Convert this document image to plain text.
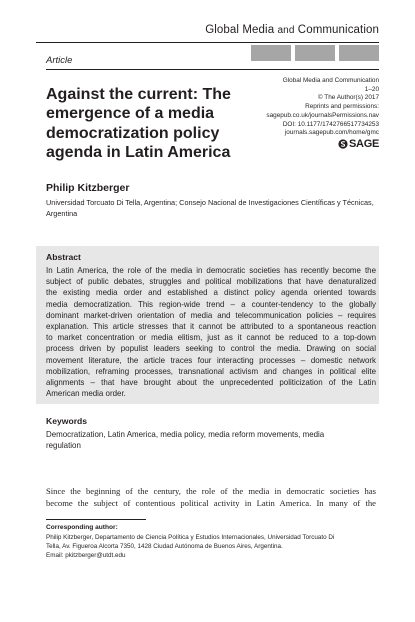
Global Media and Communication
Article
Against the current: The
emergence of a media
democratization policy
agenda in Latin America
Global Media and Communication
1–20
© The Author(s) 2017
Reprints and permissions:
sagepub.co.uk/journalsPermissions.nav
DOI: 10.1177/1742766517734253
journals.sagepub.com/home/gmc
SAGE
Philip Kitzberger
Universidad Torcuato Di Tella, Argentina; Consejo Nacional de Investigaciones Científicas y Técnicas,
Argentina
Abstract
In Latin America, the role of the media in democratic societies has recently become the
subject of public debates, struggles and political mobilizations that have denaturalized
the existing media order and established a distinct policy agenda oriented towards
media democratization. This region-wide trend – a counter-tendency to the globally
dominant market-driven orientation of media and telecommunication policies – requires
explanation. This article stresses that it cannot be attributed to a spontaneous reaction
to market concentration or media elitism, just as it cannot be reduced to a top-down
process driven by populist leaders seeking to control the media. Drawing on social
movement literature, the article traces four interacting processes – domestic network
mobilization, reframing processes, transnational activism and changes in political elite
alignments – that have brought about the unprecedented politicization of the Latin
American media order.
Keywords
Democratization, Latin America, media policy, media reform movements, media
regulation
Since the beginning of the century, the role of the media in democratic societies has
become the subject of contentious political activity in Latin America. In many of the
Corresponding author:
Philip Kitzberger, Departamento de Ciencia Política y Estudios Internacionales, Universidad Torcuato Di
Tella, Av. Figueroa Alcorta 7350, 1428 Ciudad Autónoma de Buenos Aires, Argentina.
Email: pkitzberger@utdt.edu
